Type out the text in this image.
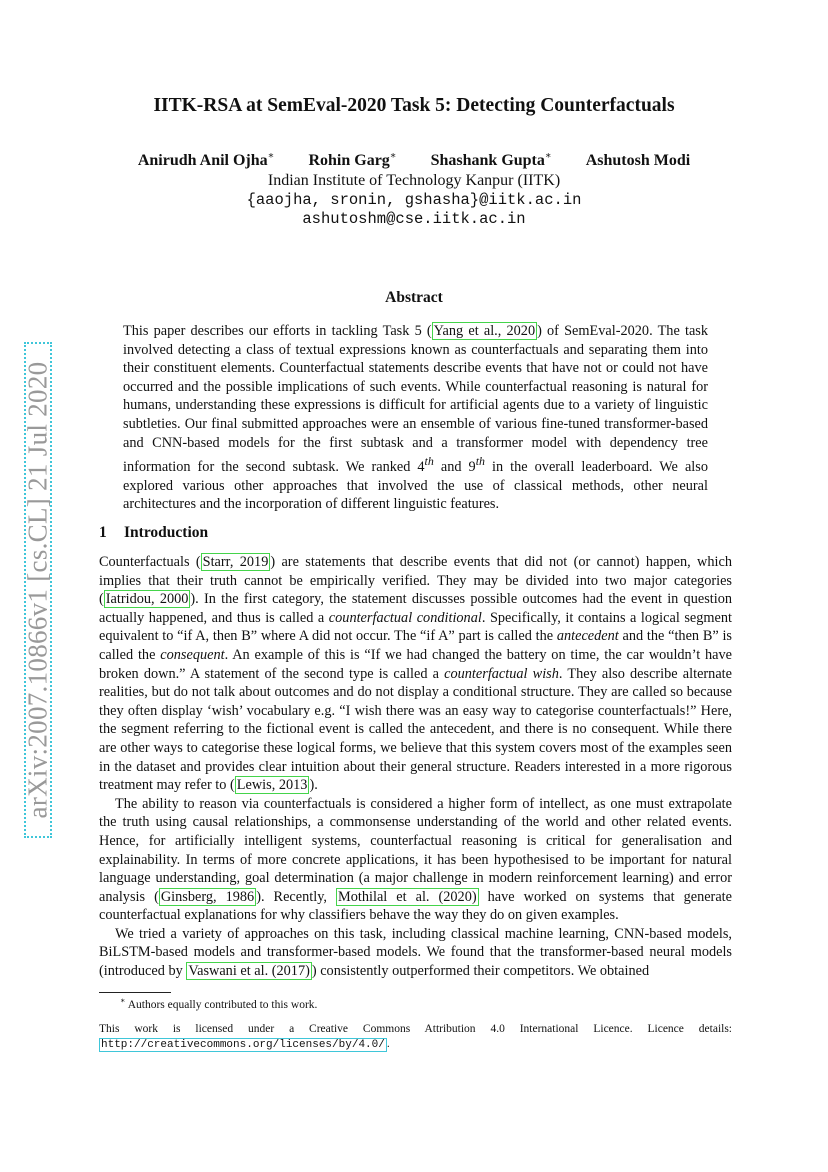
arXiv:2007.10866v1 [cs.CL] 21 Jul 2020
IITK-RSA at SemEval-2020 Task 5: Detecting Counterfactuals
Anirudh Anil Ojha∗ Rohin Garg∗ Shashank Gupta∗ Ashutosh Modi
Indian Institute of Technology Kanpur (IITK)
{aaojha, sronin, gshasha}@iitk.ac.in
ashutoshm@cse.iitk.ac.in
Abstract
This paper describes our efforts in tackling Task 5 ( Yang et al., 2020 ) of SemEval-2020. The task involved detecting a class of textual expressions known as counterfactuals and separating them into their constituent elements. Counterfactual statements describe events that have not or could not have occurred and the possible implications of such events. While counterfactual reasoning is natural for humans, understanding these expressions is difficult for artificial agents due to a variety of linguistic subtleties. Our final submitted approaches were an ensemble of various fine-tuned transformer-based and CNN-based models for the first subtask and a transformer model with dependency tree information for the second subtask. We ranked 4th and 9th in the overall leaderboard. We also explored various other approaches that involved the use of classical methods, other neural architectures and the incorporation of different linguistic features.
1 Introduction

Counterfactuals ( Starr, 2019 ) are statements that describe events that did not (or cannot) happen, which implies that their truth cannot be empirically verified. They may be divided into two major categories ( Iatridou, 2000 ). In the first category, the statement discusses possible outcomes had the event in question actually happened, and thus is called a counterfactual conditional. Specifically, it contains a logical segment equivalent to “if A, then B” where A did not occur. The “if A” part is called the antecedent and the “then B” is called the consequent. An example of this is “If we had changed the battery on time, the car wouldn’t have broken down.” A statement of the second type is called a counterfactual wish. They also describe alternate realities, but do not talk about outcomes and do not display a conditional structure. They are called so because they often display ‘wish’ vocabulary e.g. “I wish there was an easy way to categorise counterfactuals!” Here, the segment referring to the fictional event is called the antecedent, and there is no consequent. While there are other ways to categorise these logical forms, we believe that this system covers most of the examples seen in the dataset and provides clear intuition about their general structure. Readers interested in a more rigorous treatment may refer to ( Lewis, 2013 ).

The ability to reason via counterfactuals is considered a higher form of intellect, as one must extrapolate the truth using causal relationships, a commonsense understanding of the world and other related events. Hence, for artificially intelligent systems, counterfactual reasoning is critical for generalisation and explainability. In terms of more concrete applications, it has been hypothesised to be important for natural language understanding, goal determination (a major challenge in modern reinforcement learning) and error analysis ( Ginsberg, 1986 ). Recently, Mothilal et al. (2020) have worked on systems that generate counterfactual explanations for why classifiers behave the way they do on given examples.

We tried a variety of approaches on this task, including classical machine learning, CNN-based models, BiLSTM-based models and transformer-based models. We found that the transformer-based neural models (introduced by Vaswani et al. (2017) ) consistently outperformed their competitors. We obtained

∗ Authors equally contributed to this work.
This work is licensed under a Creative Commons Attribution 4.0 International Licence. Licence details: http://creativecommons.org/licenses/by/4.0/ .
